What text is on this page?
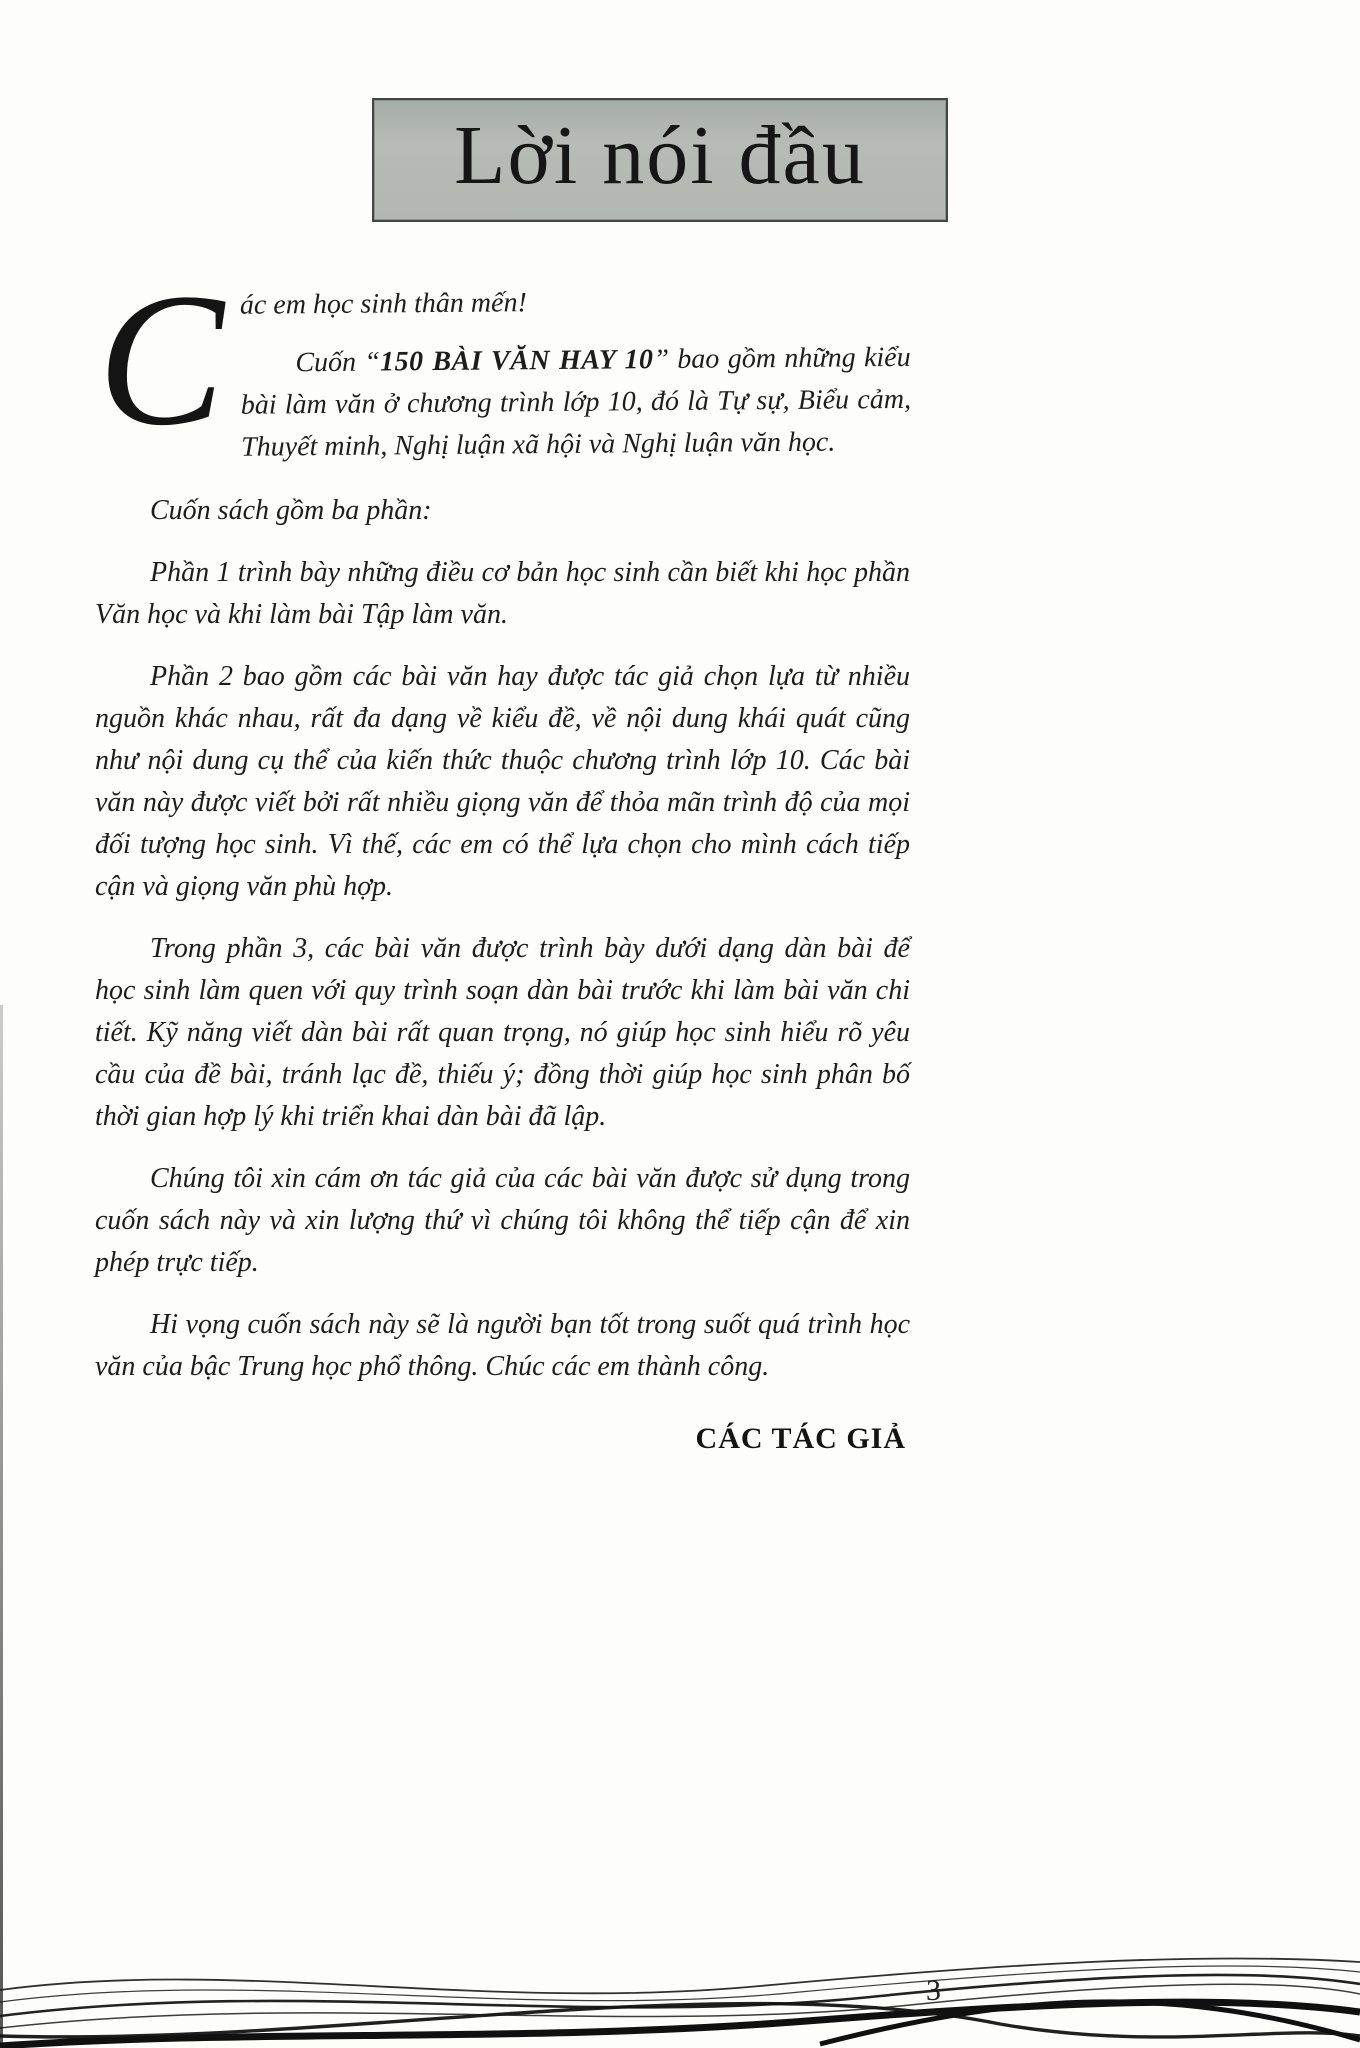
Lời nói đầu
C ác em học sinh thân mến!

Cuốn “150 BÀI VĂN HAY 10” bao gồm những kiểu bài làm văn ở chương trình lớp 10, đó là Tự sự, Biểu cảm, Thuyết minh, Nghị luận xã hội và Nghị luận văn học.

Cuốn sách gồm ba phần:

Phần 1 trình bày những điều cơ bản học sinh cần biết khi học phần Văn học và khi làm bài Tập làm văn.

Phần 2 bao gồm các bài văn hay được tác giả chọn lựa từ nhiều nguồn khác nhau, rất đa dạng về kiểu đề, về nội dung khái quát cũng như nội dung cụ thể của kiến thức thuộc chương trình lớp 10. Các bài văn này được viết bởi rất nhiều giọng văn để thỏa mãn trình độ của mọi đối tượng học sinh. Vì thế, các em có thể lựa chọn cho mình cách tiếp cận và giọng văn phù hợp.

Trong phần 3, các bài văn được trình bày dưới dạng dàn bài để học sinh làm quen với quy trình soạn dàn bài trước khi làm bài văn chi tiết. Kỹ năng viết dàn bài rất quan trọng, nó giúp học sinh hiểu rõ yêu cầu của đề bài, tránh lạc đề, thiếu ý; đồng thời giúp học sinh phân bố thời gian hợp lý khi triển khai dàn bài đã lập.

Chúng tôi xin cám ơn tác giả của các bài văn được sử dụng trong cuốn sách này và xin lượng thứ vì chúng tôi không thể tiếp cận để xin phép trực tiếp.

Hi vọng cuốn sách này sẽ là người bạn tốt trong suốt quá trình học văn của bậc Trung học phổ thông. Chúc các em thành công.

CÁC TÁC GIẢ

3
